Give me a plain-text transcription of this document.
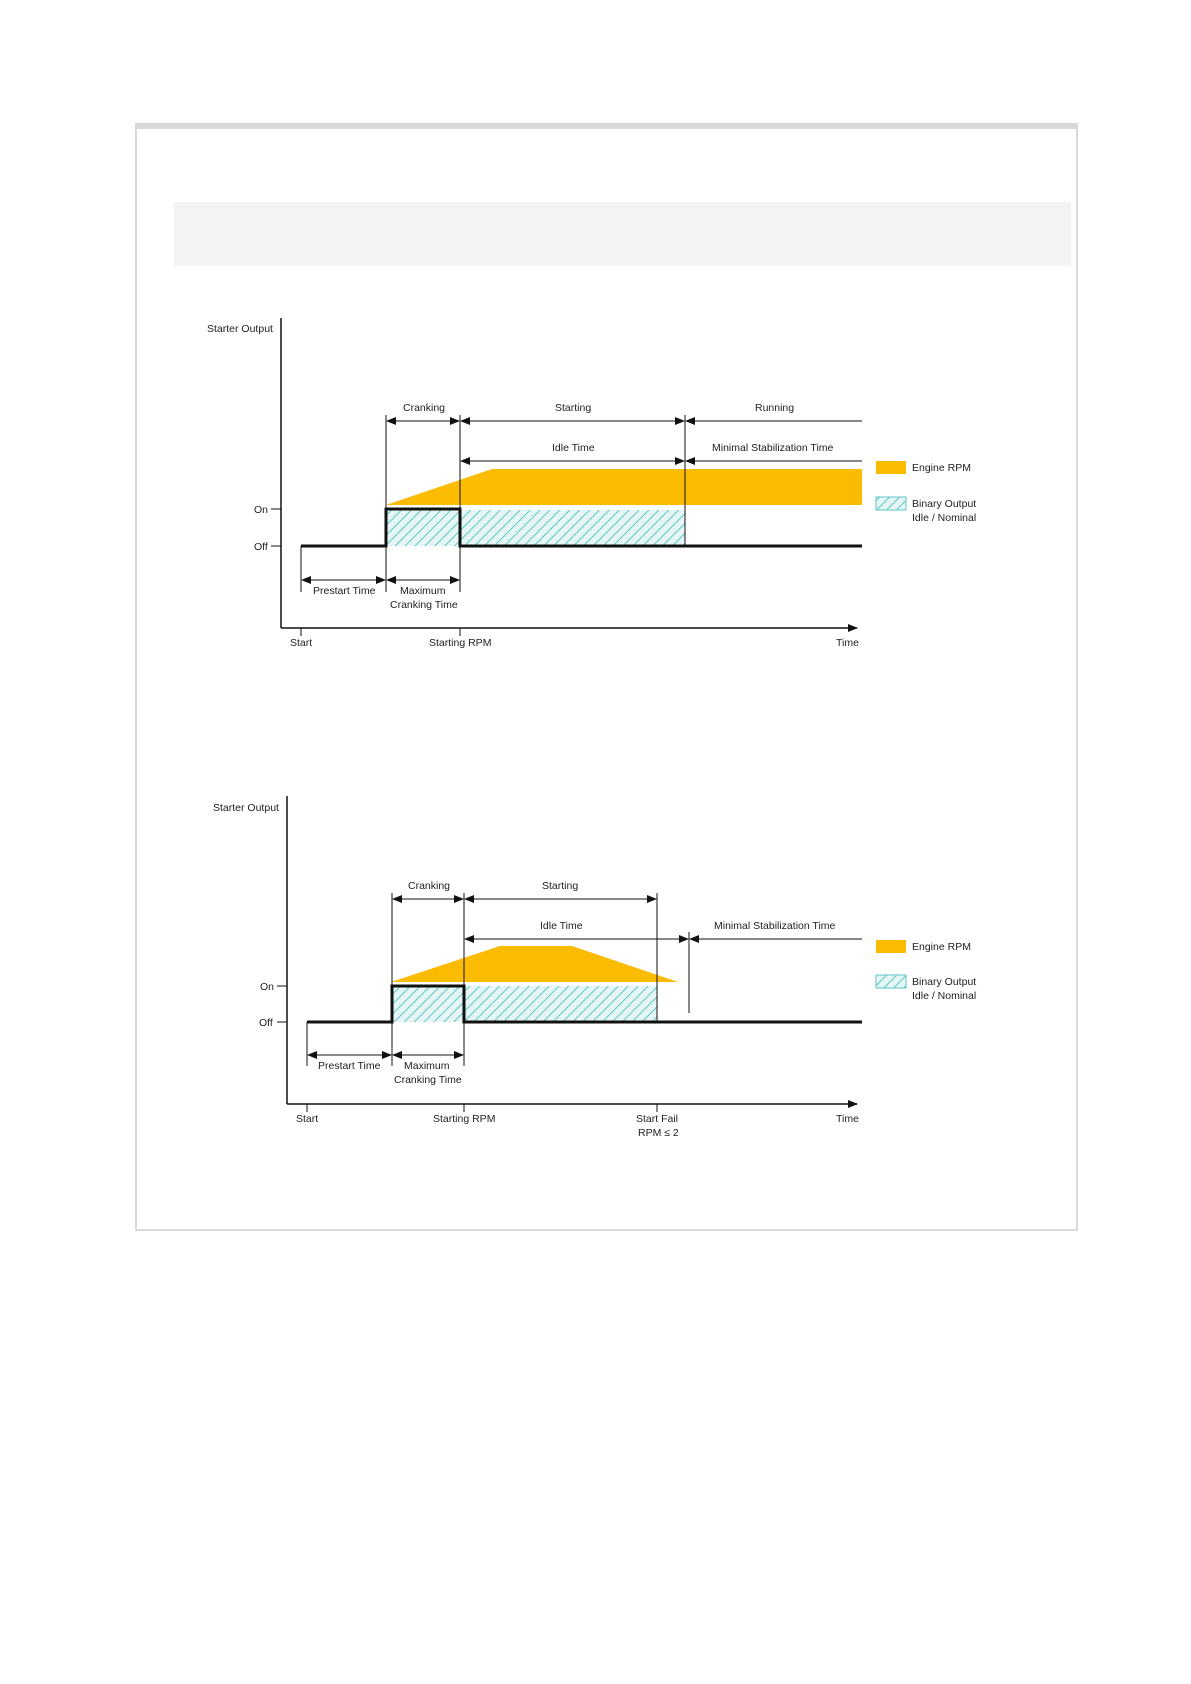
Starter Output
On
Off
Cranking	Starting	Running
Idle Time	Minimal Stabilization Time
Prestart Time Maximum
Cranking Time
Start	Starting RPM	Time
Engine RPM
Binary Output
Idle / Nominal
Starter Output
On
Off
Cranking	Starting
Idle Time	Minimal Stabilization Time
Prestart Time Maximum
Cranking Time
Start	Starting RPM	Start Fail
RPM ≤ 2
Time
Engine RPM
Binary Output
Idle / Nominal
